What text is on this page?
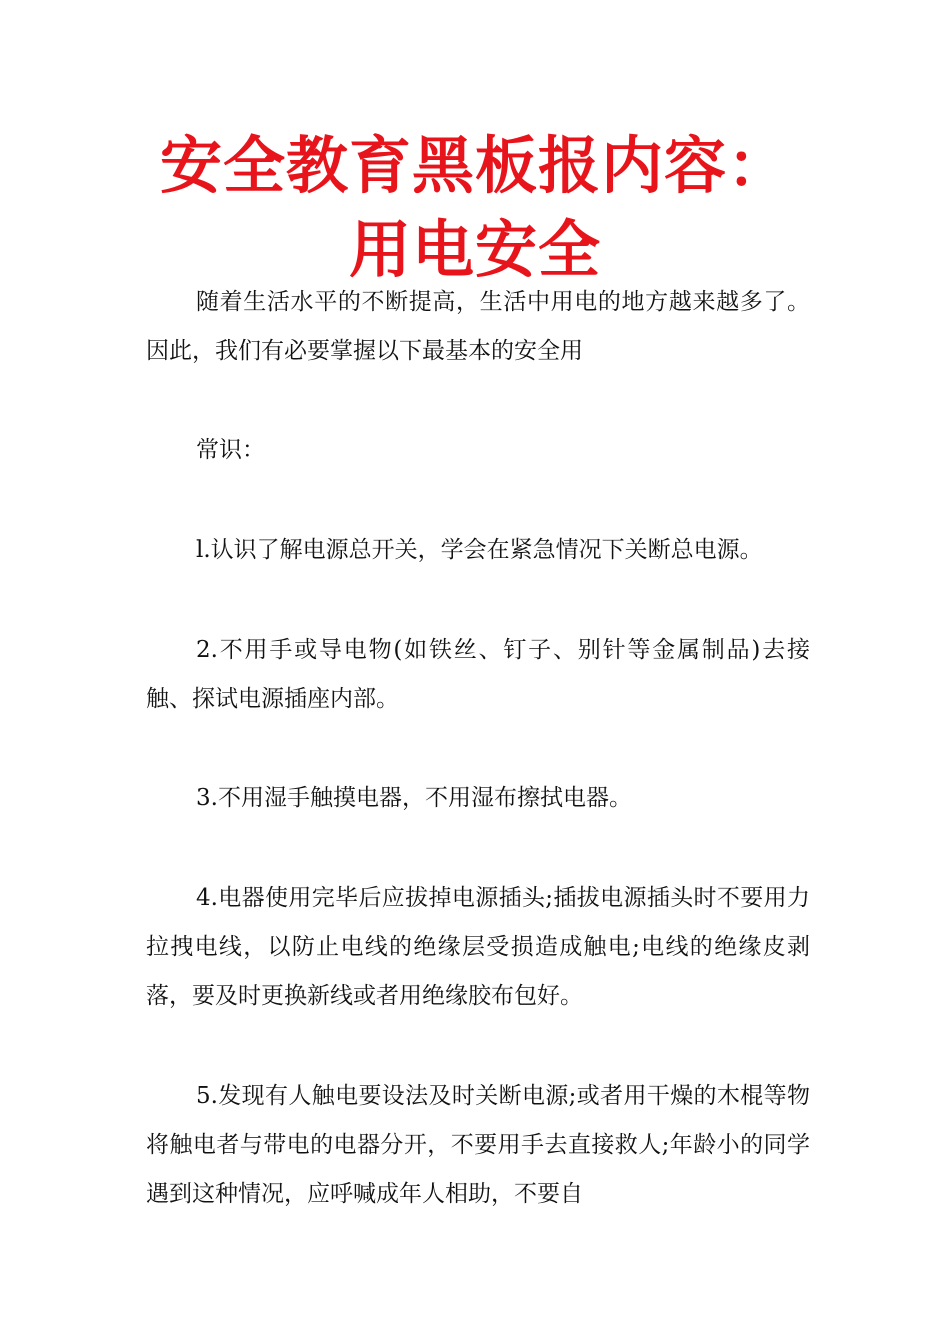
安全教育黑板报内容：用电安全

随着生活水平的不断提高，生活中用电的地方越来越多了。因此，我们有必要掌握以下最基本的安全用

常识：

l.认识了解电源总开关，学会在紧急情况下关断总电源。

2.不用手或导电物(如铁丝、钉子、别针等金属制品)去接触、探试电源插座内部。

3.不用湿手触摸电器，不用湿布擦拭电器。

4.电器使用完毕后应拔掉电源插头;插拔电源插头时不要用力拉拽电线，以防止电线的绝缘层受损造成触电;电线的绝缘皮剥落，要及时更换新线或者用绝缘胶布包好。

5.发现有人触电要设法及时关断电源;或者用干燥的木棍等物将触电者与带电的电器分开，不要用手去直接救人;年龄小的同学遇到这种情况，应呼喊成年人相助，不要自
